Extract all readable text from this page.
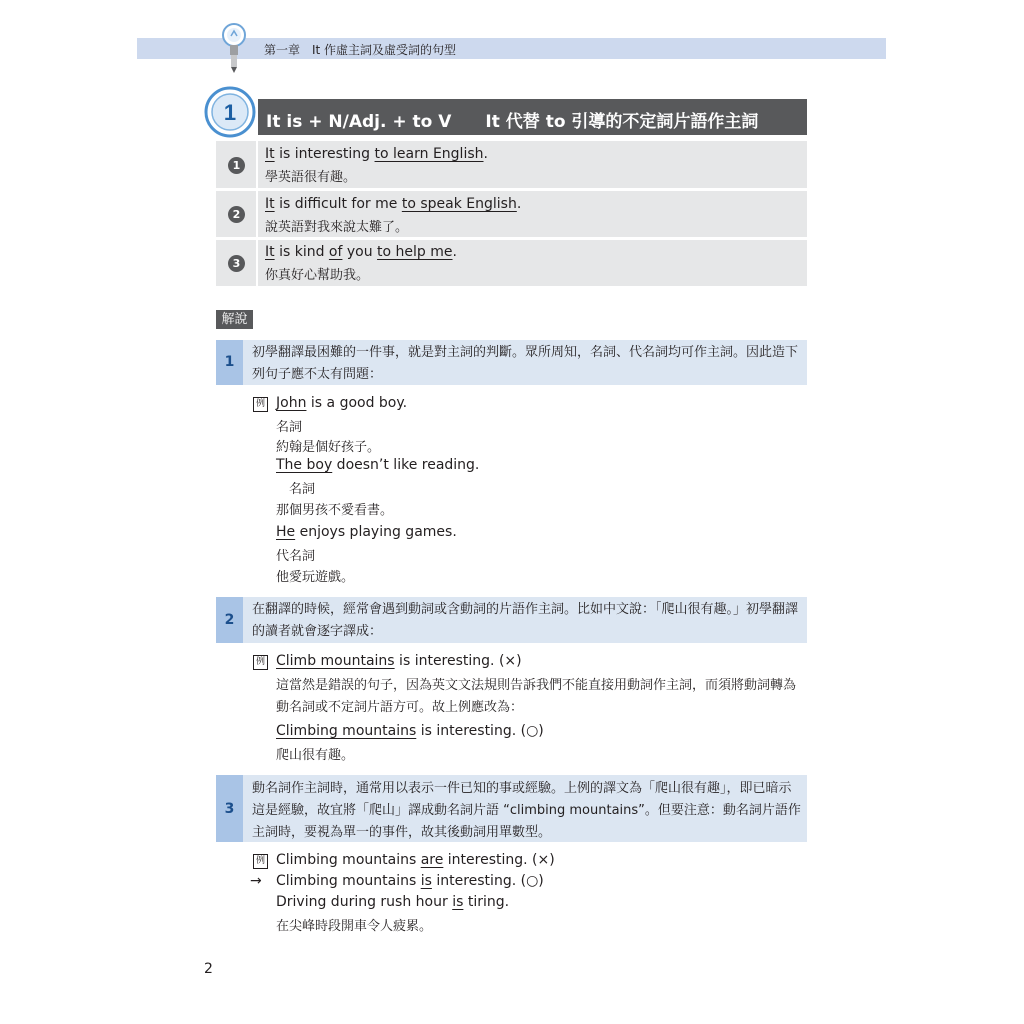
第一章　It 作虛主詞及虛受詞的句型
1 It is + N/Adj. + to V It 代替 to 引導的不定詞片語作主詞
1
It is interesting to learn English.
學英語很有趣。
2
It is difficult for me to speak English.
說英語對我來說太難了。
3
It is kind of you to help me.
你真好心幫助我。
解說
1
初學翻譯最困難的一件事，就是對主詞的判斷。眾所周知，名詞、代名詞均可作主詞。因此造下列句子應不太有問題：
例 John is a good boy.
名詞
約翰是個好孩子。
The boy doesn’t like reading.
名詞
那個男孩不愛看書。
He enjoys playing games.
代名詞
他愛玩遊戲。
2
在翻譯的時候，經常會遇到動詞或含動詞的片語作主詞。比如中文說：「爬山很有趣。」初學翻譯的讀者就會逐字譯成：
例 Climb mountains is interesting. (×)
這當然是錯誤的句子，因為英文文法規則告訴我們不能直接用動詞作主詞，而須將動詞轉為動名詞或不定詞片語方可。故上例應改為：
Climbing mountains is interesting. (○)
爬山很有趣。
3
動名詞作主詞時，通常用以表示一件已知的事或經驗。上例的譯文為「爬山很有趣」，即已暗示這是經驗，故宜將「爬山」譯成動名詞片語 “climbing mountains”。但要注意：動名詞片語作主詞時，要視為單一的事件，故其後動詞用單數型。
例 Climbing mountains are interesting. (×)
→ Climbing mountains is interesting. (○)
Driving during rush hour is tiring.
在尖峰時段開車令人疲累。
2
